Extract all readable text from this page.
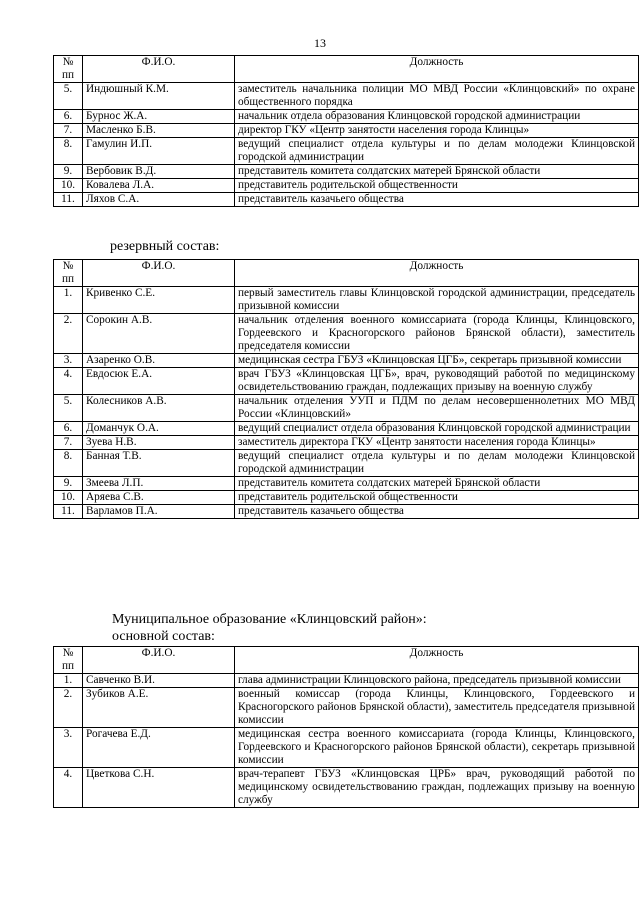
13
№ пп	Ф.И.О.	Должность
5.	Индюшный К.М.	заместитель начальника полиции МО МВД России «Клинцовский» по охране общественного порядка
6.	Бурнос Ж.А.	начальник отдела образования Клинцовской городской администрации
7.	Масленко Б.В.	директор ГКУ «Центр занятости населения города Клинцы»
8.	Гамулин И.П.	ведущий специалист отдела культуры и по делам молодежи Клинцовской городской администрации
9.	Вербовик В.Д.	представитель комитета солдатских матерей Брянской области
10.	Ковалева Л.А.	представитель родительской общественности
11.	Ляхов С.А.	представитель казачьего общества
резервный состав:
№ пп	Ф.И.О.	Должность
1.	Кривенко С.Е.	первый заместитель главы Клинцовской городской администрации, председатель призывной комиссии
2.	Сорокин А.В.	начальник отделения военного комиссариата (города Клинцы, Клинцовского, Гордеевского и Красногорского районов Брянской области), заместитель председателя комиссии
3.	Азаренко О.В.	медицинская сестра ГБУЗ «Клинцовская ЦГБ», секретарь призывной комиссии
4.	Евдосюк Е.А.	врач ГБУЗ «Клинцовская ЦГБ», врач, руководящий работой по медицинскому освидетельствованию граждан, подлежащих призыву на военную службу
5.	Колесников А.В.	начальник отделения УУП и ПДМ по делам несовершеннолетних МО МВД России «Клинцовский»
6.	Доманчук О.А.	ведущий специалист отдела образования Клинцовской городской администрации
7.	Зуева Н.В.	заместитель директора ГКУ «Центр занятости населения города Клинцы»
8.	Банная Т.В.	ведущий специалист отдела культуры и по делам молодежи Клинцовской городской администрации
9.	Змеева Л.П.	представитель комитета солдатских матерей Брянской области
10.	Аряева С.В.	представитель родительской общественности
11.	Варламов П.А.	представитель казачьего общества
Муниципальное образование «Клинцовский район»:
основной состав:
№ пп	Ф.И.О.	Должность
1.	Савченко В.И.	глава администрации Клинцовского района, председатель призывной комиссии
2.	Зубиков А.Е.	военный комиссар (города Клинцы, Клинцовского, Гордеевского и Красногорского районов Брянской области), заместитель председателя призывной комиссии
3.	Рогачева Е.Д.	медицинская сестра военного комиссариата (города Клинцы, Клинцовского, Гордеевского и Красногорского районов Брянской области), секретарь призывной комиссии
4.	Цветкова С.Н.	врач-терапевт ГБУЗ «Клинцовская ЦРБ» врач, руководящий работой по медицинскому освидетельствованию граждан, подлежащих призыву на военную службу
